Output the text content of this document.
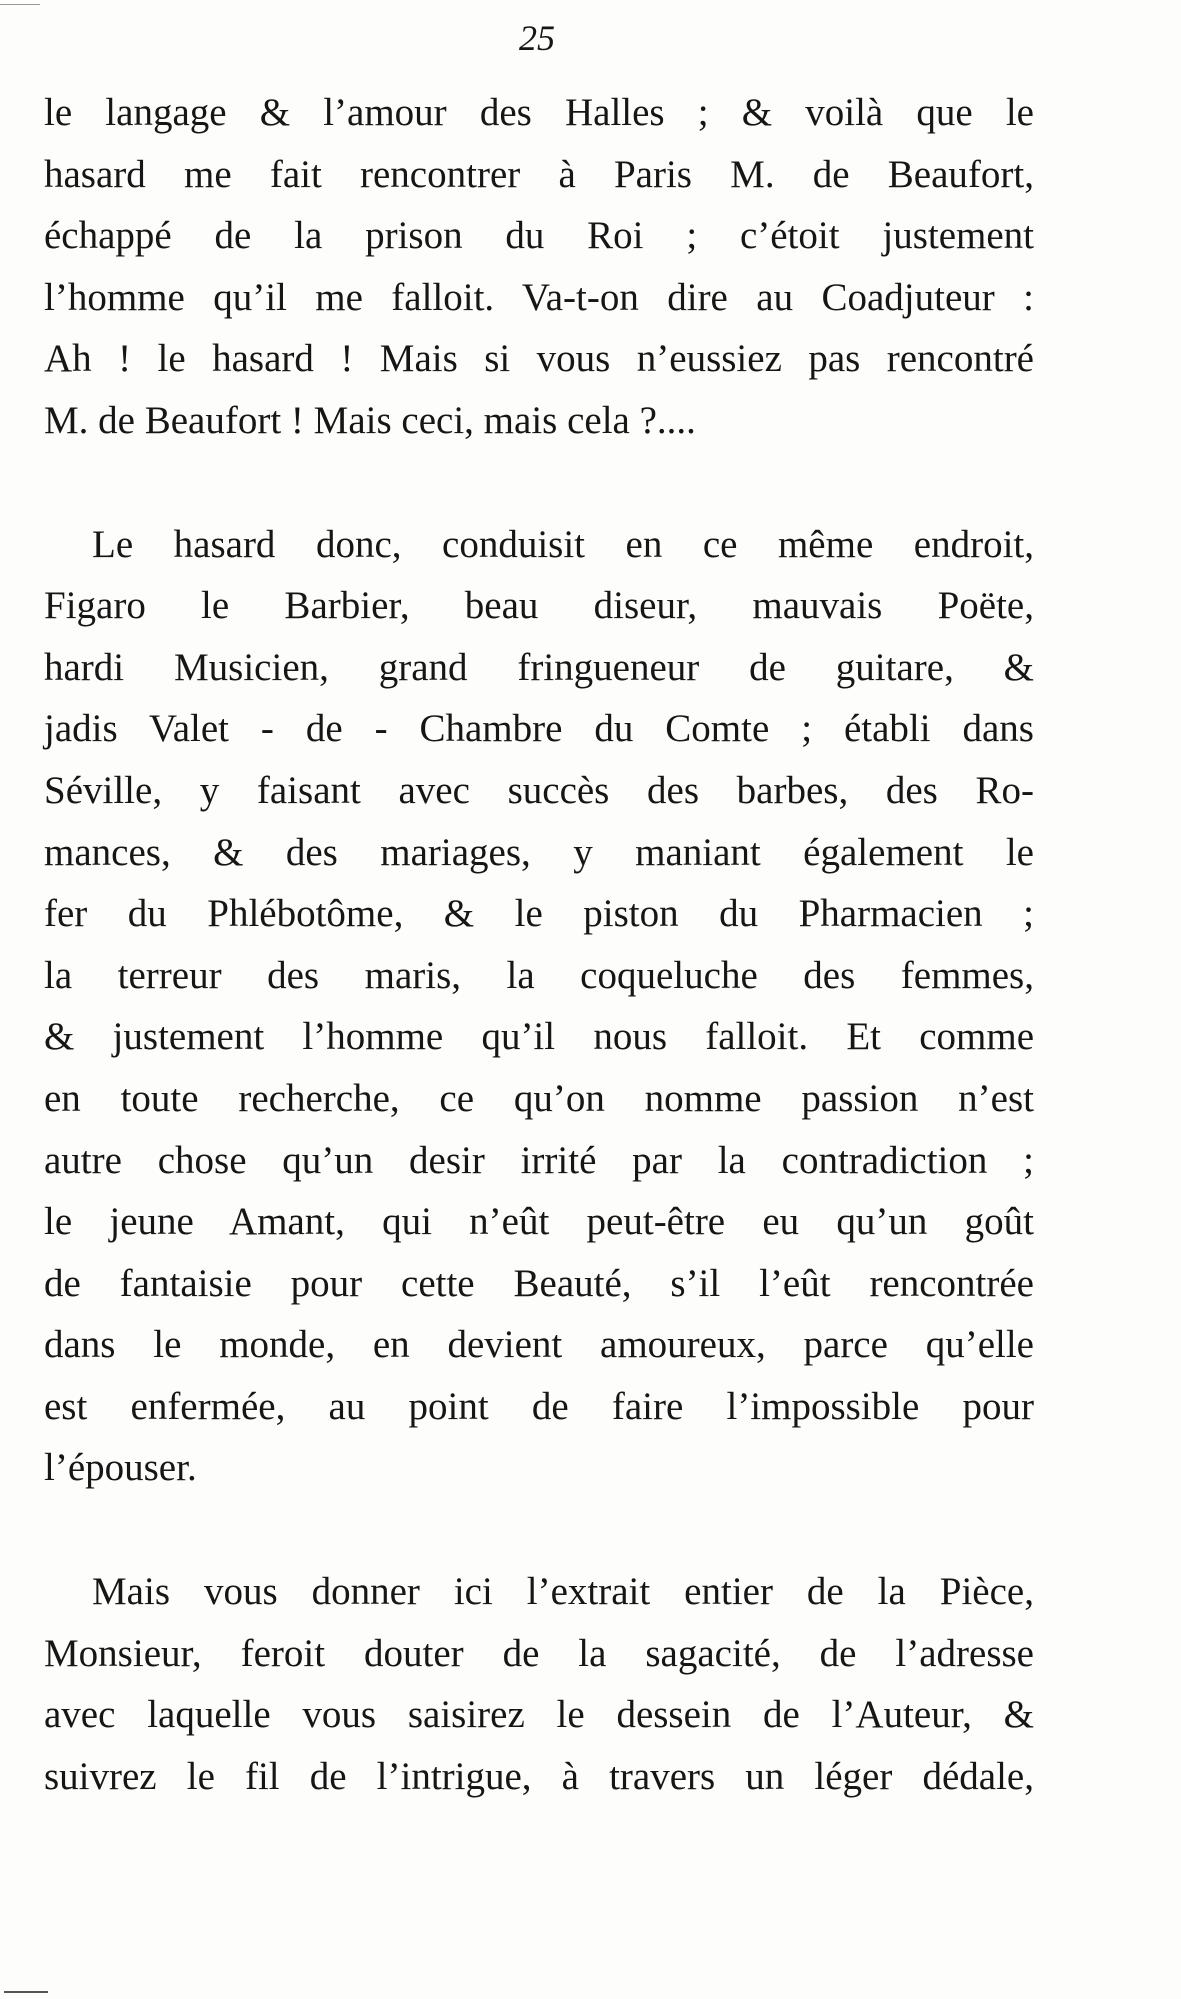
25
le langage & l’amour des Halles ; & voilà que le
hasard me fait rencontrer à Paris M. de Beaufort,
échappé de la prison du Roi ; c’étoit justement
l’homme qu’il me falloit. Va-t-on dire au Coadjuteur :
Ah ! le hasard ! Mais si vous n’eussiez pas rencontré
M. de Beaufort ! Mais ceci, mais cela ?....
Le hasard donc, conduisit en ce même endroit,
Figaro le Barbier, beau diseur, mauvais Poëte,
hardi Musicien, grand fringueneur de guitare, &
jadis Valet - de - Chambre du Comte ; établi dans
Séville, y faisant avec succès des barbes, des Ro-
mances, & des mariages, y maniant également le
fer du Phlébotôme, & le piston du Pharmacien ;
la terreur des maris, la coqueluche des femmes,
& justement l’homme qu’il nous falloit. Et comme
en toute recherche, ce qu’on nomme passion n’est
autre chose qu’un desir irrité par la contradiction ;
le jeune Amant, qui n’eût peut-être eu qu’un goût
de fantaisie pour cette Beauté, s’il l’eût rencontrée
dans le monde, en devient amoureux, parce qu’elle
est enfermée, au point de faire l’impossible pour
l’épouser.
Mais vous donner ici l’extrait entier de la Pièce,
Monsieur, feroit douter de la sagacité, de l’adresse
avec laquelle vous saisirez le dessein de l’Auteur, &
suivrez le fil de l’intrigue, à travers un léger dédale,
